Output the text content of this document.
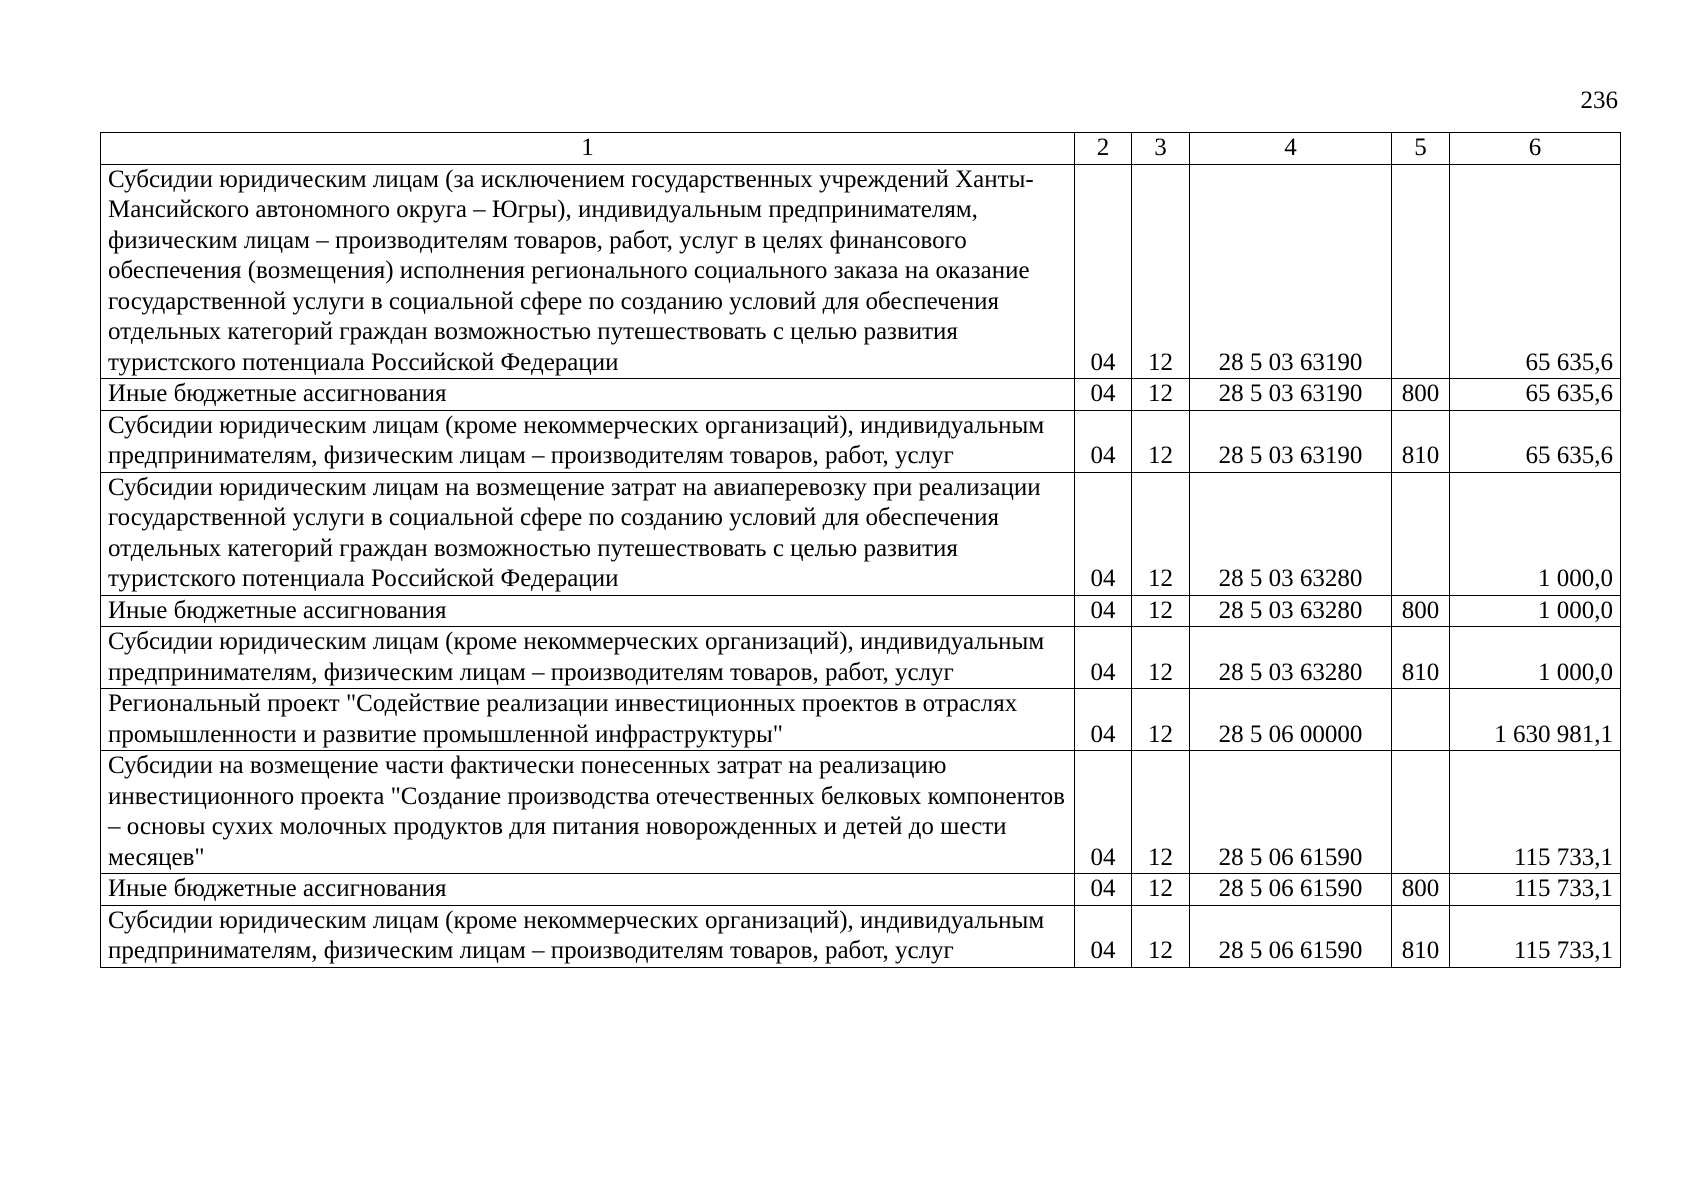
236
1	2	3	4	5	6
Субсидии юридическим лицам (за исключением государственных учреждений Ханты-Мансийского автономного округа – Югры), индивидуальным предпринимателям, физическим лицам – производителям товаров, работ, услуг в целях финансового обеспечения (возмещения) исполнения регионального социального заказа на оказание государственной услуги в социальной сфере по созданию условий для обеспечения отдельных категорий граждан возможностью путешествовать с целью развития туристского потенциала Российской Федерации	04	12	28 5 03 63190		65 635,6
Иные бюджетные ассигнования	04	12	28 5 03 63190	800	65 635,6
Субсидии юридическим лицам (кроме некоммерческих организаций), индивидуальным предпринимателям, физическим лицам – производителям товаров, работ, услуг	04	12	28 5 03 63190	810	65 635,6
Субсидии юридическим лицам на возмещение затрат на авиаперевозку при реализации государственной услуги в социальной сфере по созданию условий для обеспечения отдельных категорий граждан возможностью путешествовать с целью развития туристского потенциала Российской Федерации	04	12	28 5 03 63280		1 000,0
Иные бюджетные ассигнования	04	12	28 5 03 63280	800	1 000,0
Субсидии юридическим лицам (кроме некоммерческих организаций), индивидуальным предпринимателям, физическим лицам – производителям товаров, работ, услуг	04	12	28 5 03 63280	810	1 000,0
Региональный проект "Содействие реализации инвестиционных проектов в отраслях промышленности и развитие промышленной инфраструктуры"	04	12	28 5 06 00000		1 630 981,1
Субсидии на возмещение части фактически понесенных затрат на реализацию инвестиционного проекта "Создание производства отечественных белковых компонентов – основы сухих молочных продуктов для питания новорожденных и детей до шести месяцев"	04	12	28 5 06 61590		115 733,1
Иные бюджетные ассигнования	04	12	28 5 06 61590	800	115 733,1
Субсидии юридическим лицам (кроме некоммерческих организаций), индивидуальным предпринимателям, физическим лицам – производителям товаров, работ, услуг	04	12	28 5 06 61590	810	115 733,1
